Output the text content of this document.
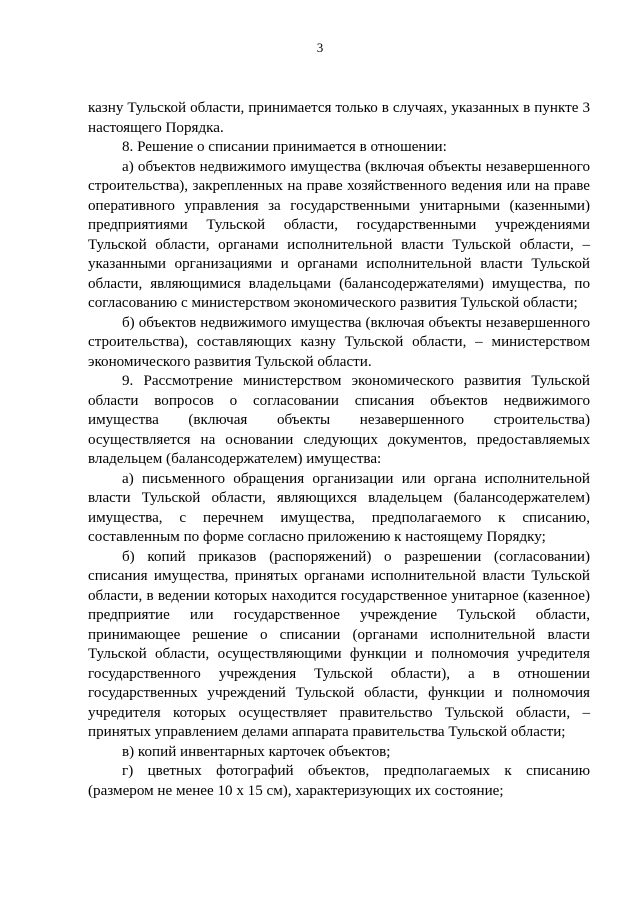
3

казну Тульской области, принимается только в случаях, указанных в пункте 3 настоящего Порядка.

8. Решение о списании принимается в отношении:

а) объектов недвижимого имущества (включая объекты незавершенного строительства), закрепленных на праве хозяйственного ведения или на праве оперативного управления за государственными унитарными (казенными) предприятиями Тульской области, государственными учреждениями Тульской области, органами исполнительной власти Тульской области, – указанными организациями и органами исполнительной власти Тульской области, являющимися владельцами (балансодержателями) имущества, по согласованию с министерством экономического развития Тульской области;

б) объектов недвижимого имущества (включая объекты незавершенного строительства), составляющих казну Тульской области, – министерством экономического развития Тульской области.

9. Рассмотрение министерством экономического развития Тульской области вопросов о согласовании списания объектов недвижимого имущества (включая объекты незавершенного строительства) осуществляется на основании следующих документов, предоставляемых владельцем (балансодержателем) имущества:

а) письменного обращения организации или органа исполнительной власти Тульской области, являющихся владельцем (балансодержателем) имущества, с перечнем имущества, предполагаемого к списанию, составленным по форме согласно приложению к настоящему Порядку;

б) копий приказов (распоряжений) о разрешении (согласовании) списания имущества, принятых органами исполнительной власти Тульской области, в ведении которых находится государственное унитарное (казенное) предприятие или государственное учреждение Тульской области, принимающее решение о списании (органами исполнительной власти Тульской области, осуществляющими функции и полномочия учредителя государственного учреждения Тульской области), а в отношении государственных учреждений Тульской области, функции и полномочия учредителя которых осуществляет правительство Тульской области, – принятых управлением делами аппарата правительства Тульской области;

в) копий инвентарных карточек объектов;

г) цветных фотографий объектов, предполагаемых к списанию (размером не менее 10 х 15 см), характеризующих их состояние;
